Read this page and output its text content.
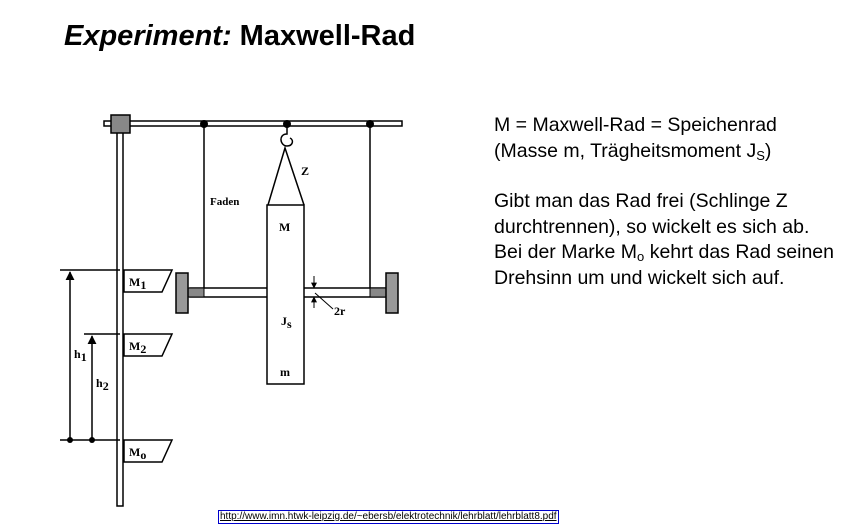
Experiment: Maxwell-Rad
Z
Faden
M
Js
m
2r
M1
M2
Mo
h1
h2

M = Maxwell-Rad = Speichenrad

(Masse m, Trägheitsmoment $J_S$)

Gibt man das Rad frei (Schlinge Z durchtrennen), so wickelt es sich ab.

Bei der Marke $M_o$ kehrt das Rad seinen Drehsinn um und wickelt sich auf.

http://www.imn.htwk-leipzig.de/~ebersb/elektrotechnik/lehrblatt/lehrblatt8.pdf
